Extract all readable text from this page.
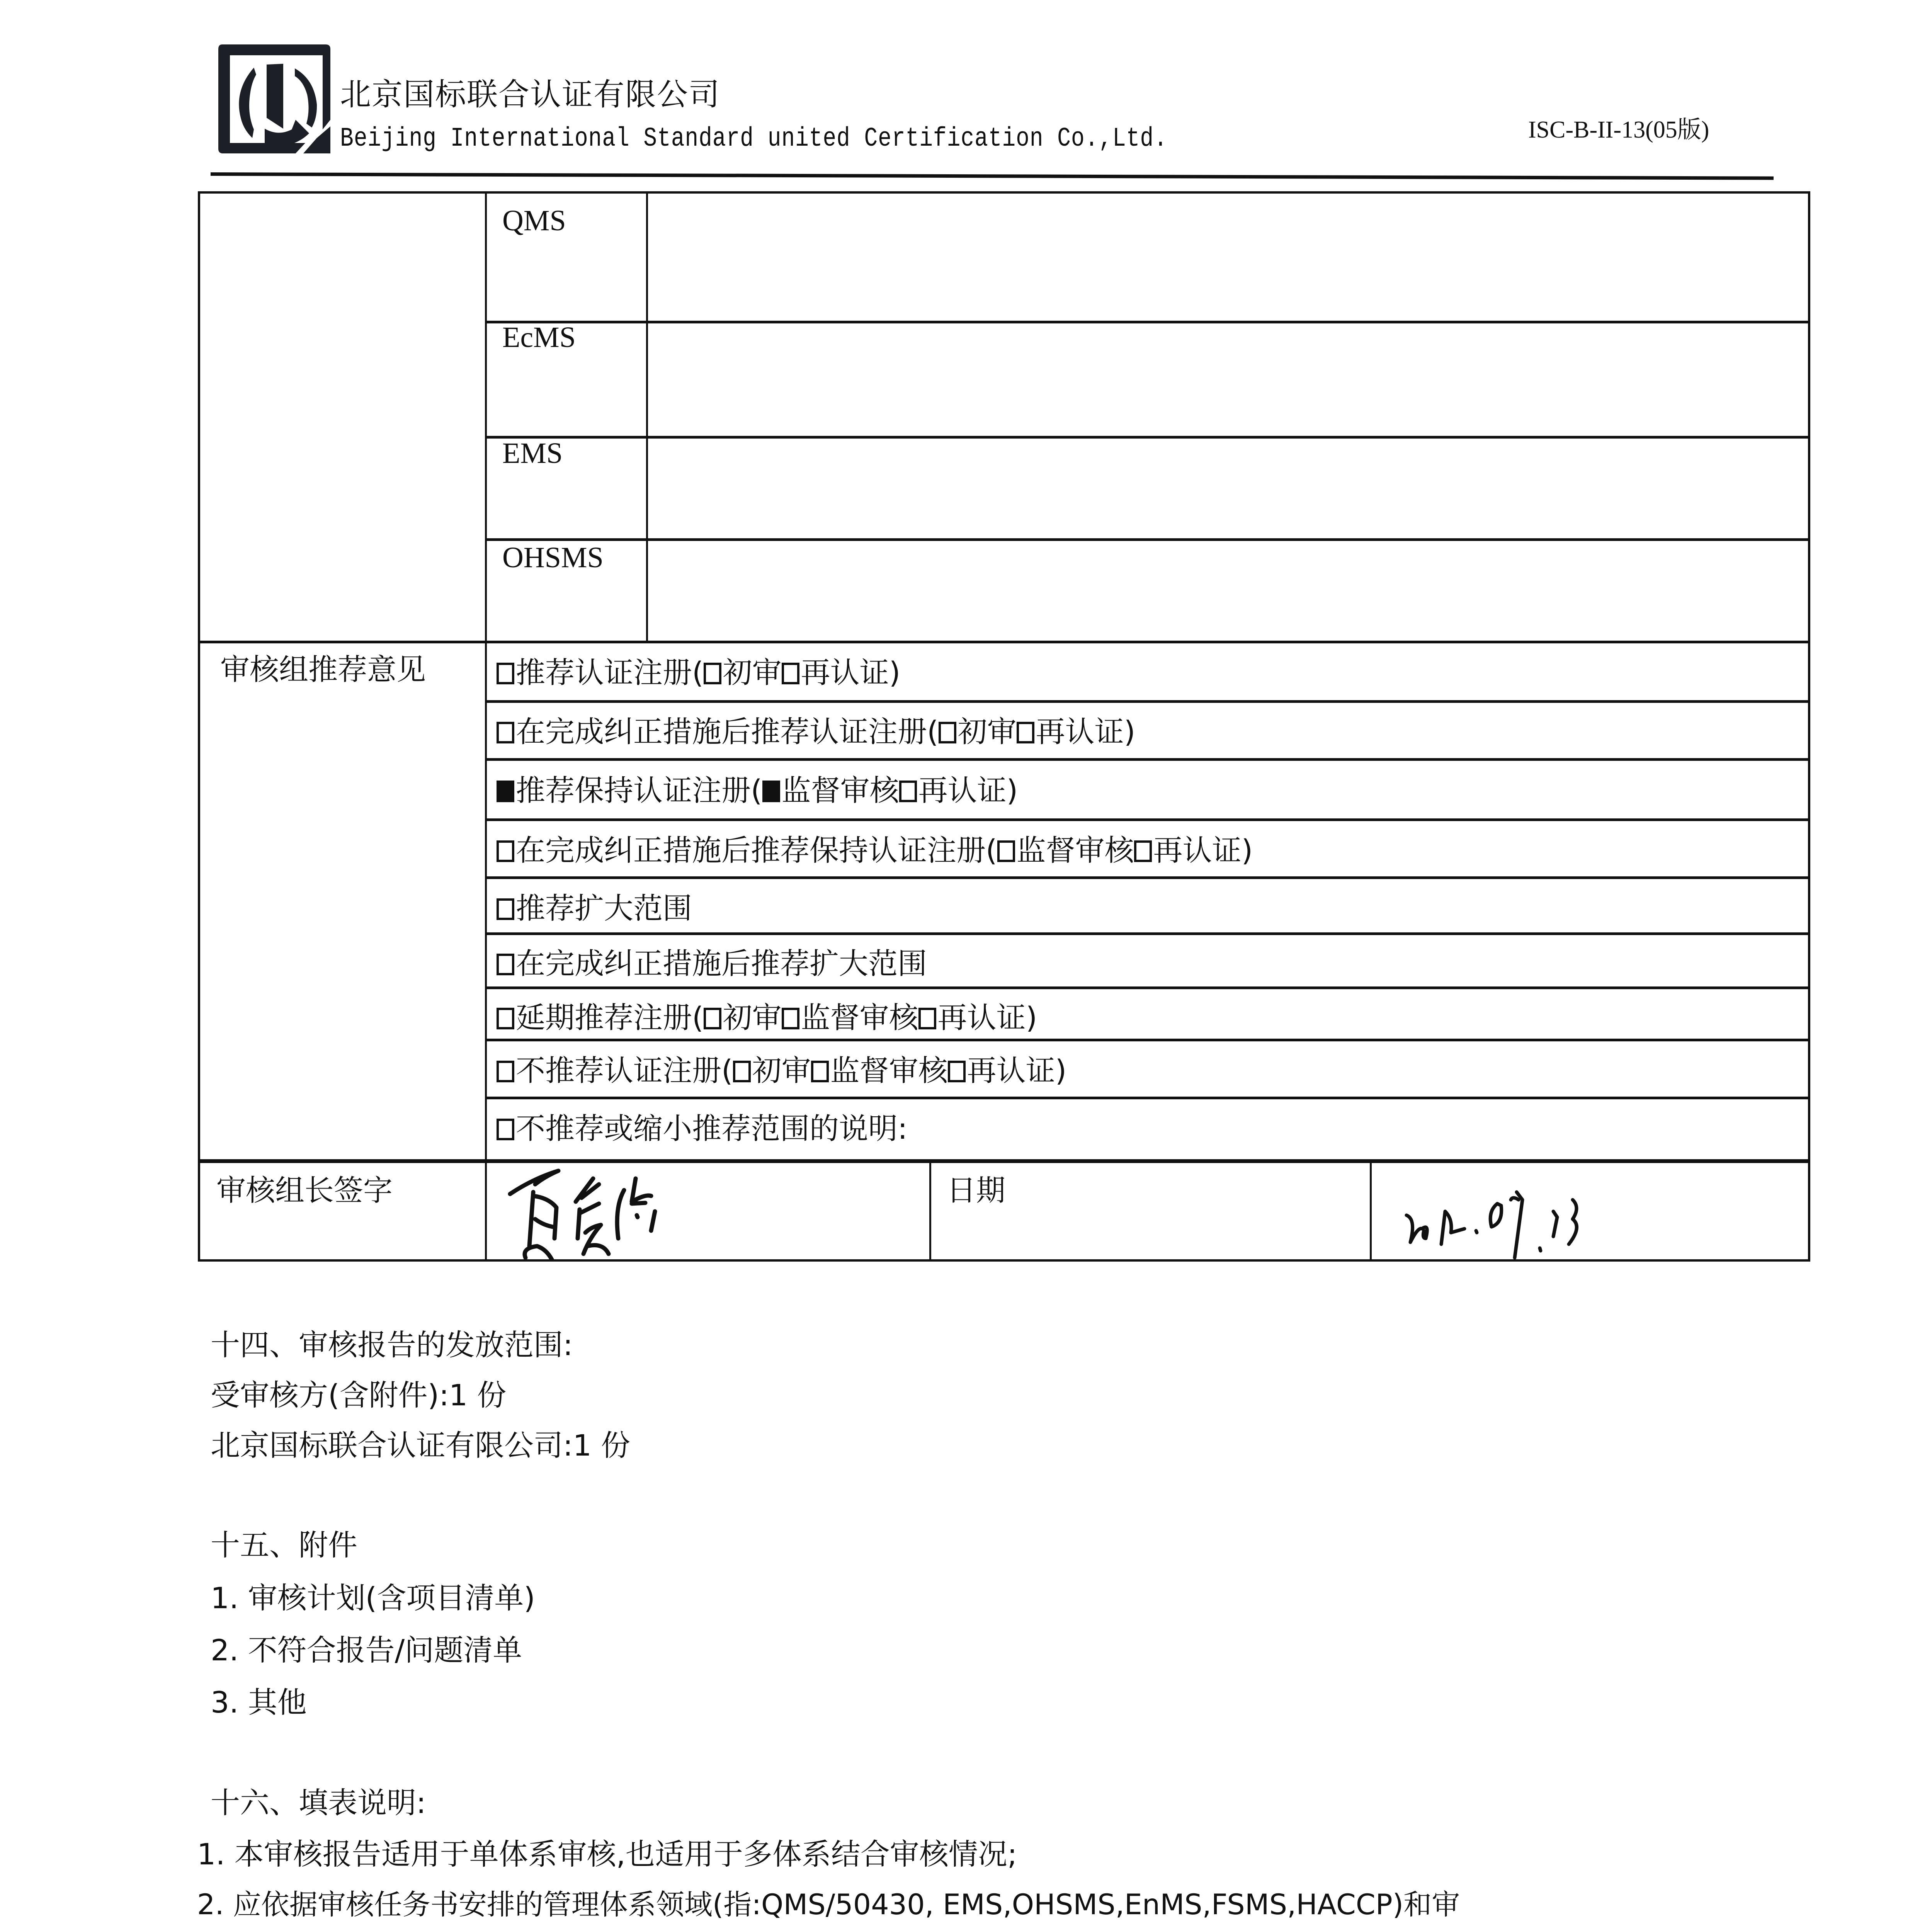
北京国标联合认证有限公司
Beijing International Standard united Certification Co.,Ltd.	ISC-B-II-13(05版)
QMS
EcMS
EMS
OHSMS
审核组推荐意见	推荐认证注册( 初审 再认证)
在完成纠正措施后推荐认证注册( 初审 再认证)
推荐保持认证注册( 监督审核 再认证)
在完成纠正措施后推荐保持认证注册( 监督审核 再认证)
推荐扩大范围
在完成纠正措施后推荐扩大范围
延期推荐注册( 初审 监督审核 再认证)
不推荐认证注册( 初审 监督审核 再认证)
不推荐或缩小推荐范围的说明:
审核组长签字	日期
十四、审核报告的发放范围:
受审核方(含附件):1 份
北京国标联合认证有限公司:1 份
十五、附件
1. 审核计划(含项目清单)
2. 不符合报告/问题清单
3. 其他
十六、填表说明:
1. 本审核报告适用于单体系审核,也适用于多体系结合审核情况;
2. 应依据审核任务书安排的管理体系领域(指:QMS/50430, EMS,OHSMS,EnMS,FSMS,HACCP)和审
